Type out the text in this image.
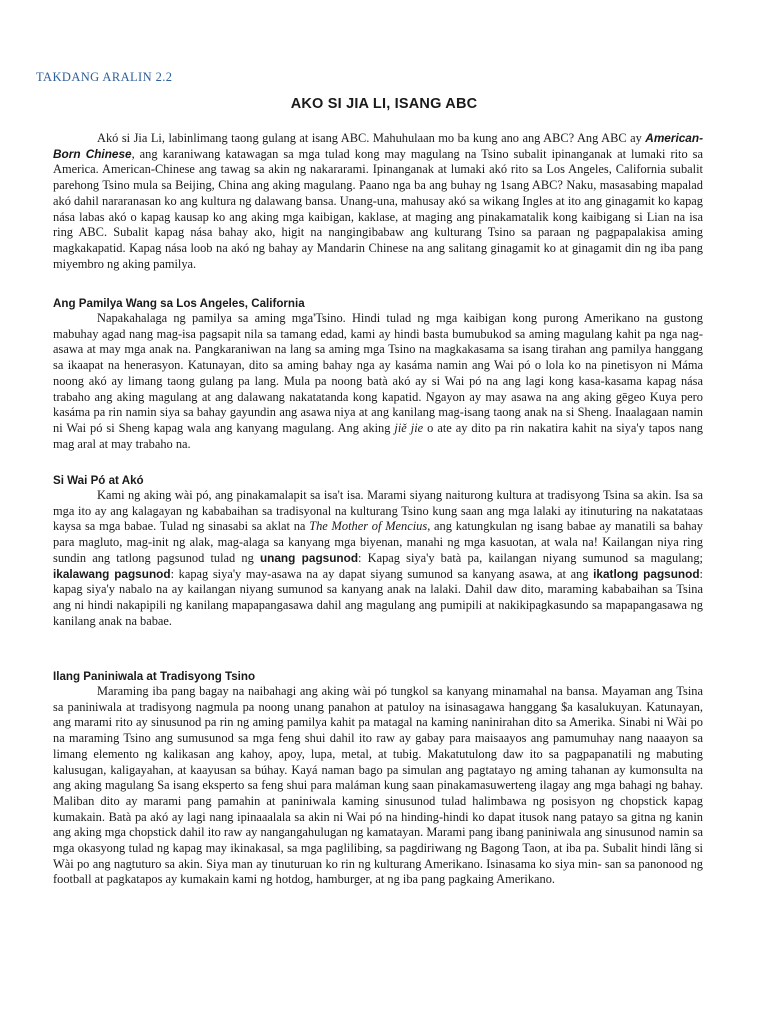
TAKDANG ARALIN 2.2
AKO SI JIA LI, ISANG ABC

Akó si Jia Li, labinlimang taong gulang at isang ABC. Mahuhulaan mo ba kung ano ang ABC? Ang ABC ay American- Born Chinese, ang karaniwang katawagan sa mga tulad kong may magulang na Tsino subalit ipinanganak at lumaki rito sa America. American-Chinese ang tawag sa akin ng nakararami. Ipinanganak at lumaki akó rito sa Los Angeles, California subalit parehong Tsino mula sa Beijing, China ang aking magulang. Paano nga ba ang buhay ng 1sang ABC? Naku, masasabing mapalad akó dahil nararanasan ko ang kultura ng dalawang bansa. Unang-una, mahusay akó sa wikang Ingles at ito ang ginagamit ko kapag nása labas akó o kapag kausap ko ang aking mga kaibigan, kaklase, at maging ang pinakamatalik kong kaibigang si Lian na isa ring ABC. Subalit kapag nása bahay ako, higit na nangingibabaw ang kulturang Tsino sa paraan ng pagpapalakisa aming magkakapatid. Kapag nása loob na akó ng bahay ay Mandarin Chinese na ang salitang ginagamit ko at ginagamit din ng iba pang miyembro ng aking pamilya.

Ang Pamilya Wang sa Los Angeles, California

Napakahalaga ng pamilya sa aming mga'Tsino. Hindi tulad ng mga kaibigan kong purong Amerikano na gustong mabuhay agad nang mag-isa pagsapit nila sa tamang edad, kami ay hindi basta bumubukod sa aming magulang kahit pa nga nag-asawa at may mga anak na. Pangkaraniwan na lang sa aming mga Tsino na magkakasama sa isang tirahan ang pamilya hanggang sa ikaapat na henerasyon. Katunayan, dito sa aming bahay nga ay kasáma namin ang Wai pó o lola ko na pinetisyon ni Máma noong akó ay limang taong gulang pa lang. Mula pa noong batà akó ay si Wai pó na ang lagi kong kasa-kasama kapag nása trabaho ang aking magulang at ang dalawang nakatatanda kong kapatid. Ngayon ay may asawa na ang aking gēgeo Kuya pero kasáma pa rin namin siya sa bahay gayundin ang asawa niya at ang kanilang mag-isang taong anak na si Sheng. Inaalagaan namin ni Wai pó si Sheng kapag wala ang kanyang magulang. Ang aking jiě jie o ate ay dito pa rin nakatira kahit na siya'y tapos nang mag aral at may trabaho na.

Si Wai Pó at Akó

Kami ng aking wài pó, ang pinakamalapit sa isa't isa. Marami siyang naiturong kultura at tradisyong Tsina sa akin. Isa sa mga ito ay ang kalagayan ng kababaihan sa tradisyonal na kulturang Tsino kung saan ang mga lalaki ay itinuturing na nakatataas kaysa sa mga babae. Tulad ng sinasabi sa aklat na The Mother of Mencius, ang katungkulan ng isang babae ay manatili sa bahay para magluto, mag-init ng alak, mag-alaga sa kanyang mga biyenan, manahi ng mga kasuotan, at wala na! Kailangan niya ring sundin ang tatlong pagsunod tulad ng unang pagsunod: Kapag siya'y batà pa, kailangan niyang sumunod sa magulang; ikalawang pagsunod: kapag siya'y may-asawa na ay dapat siyang sumunod sa kanyang asawa, at ang ikatlong pagsunod: kapag siya'y nabalo na ay kailangan niyang sumunod sa kanyang anak na lalaki. Dahil daw dito, maraming kababaihan sa Tsina ang ni hindi nakapipili ng kanilang mapapangasawa dahil ang magulang ang pumipili at nakikipagkasundo sa mapapangasawa ng kanilang anak na babae.

Ilang Paniniwala at Tradisyong Tsino

Maraming iba pang bagay na naibahagi ang aking wài pó tungkol sa kanyang minamahal na bansa. Mayaman ang Tsina sa paniniwala at tradisyong nagmula pa noong unang panahon at patuloy na isinasagawa hanggang $a kasalukuyan. Katunayan, ang marami rito ay sinusunod pa rin ng aming pamilya kahit pa matagal na kaming naninirahan dito sa Amerika. Sinabi ni Wài po na maraming Tsino ang sumusunod sa mga feng shui dahil ito raw ay gabay para maisaayos ang pamumuhay nang naaayon sa limang elemento ng kalikasan ang kahoy, apoy, lupa, metal, at tubig. Makatutulong daw ito sa pagpapanatili ng mabuting kalusugan, kaligayahan, at kaayusan sa búhay. Kayá naman bago pa simulan ang pagtatayo ng aming tahanan ay kumonsulta na ang aking magulang Sa isang eksperto sa feng shui para maláman kung saan pinakamasuwerteng ilagay ang mga bahagi ng bahay. Maliban dito ay marami pang pamahin at paniniwala kaming sinusunod tulad halimbawa ng posisyon ng chopstick kapag kumakain. Batà pa akó ay lagi nang ipinaaalala sa akin ni Wai pó na hinding-hindi ko dapat itusok nang patayo sa gitna ng kanin ang aking mga chopstick dahil ito raw ay nangangahulugan ng kamatayan. Marami pang ibang paniniwala ang sinusunod namin sa mga okasyong tulad ng kapag may ikinakasal, sa mga paglilibing, sa pagdiriwang ng Bagong Taon, at iba pa. Subalit hindi lãng si Wài po ang nagtuturo sa akin. Siya man ay tinuturuan ko rin ng kulturang Amerikano. Isinasama ko siya min- san sa panonood ng football at pagkatapos ay kumakain kami ng hotdog, hamburger, at ng iba pang pagkaing Amerikano.
